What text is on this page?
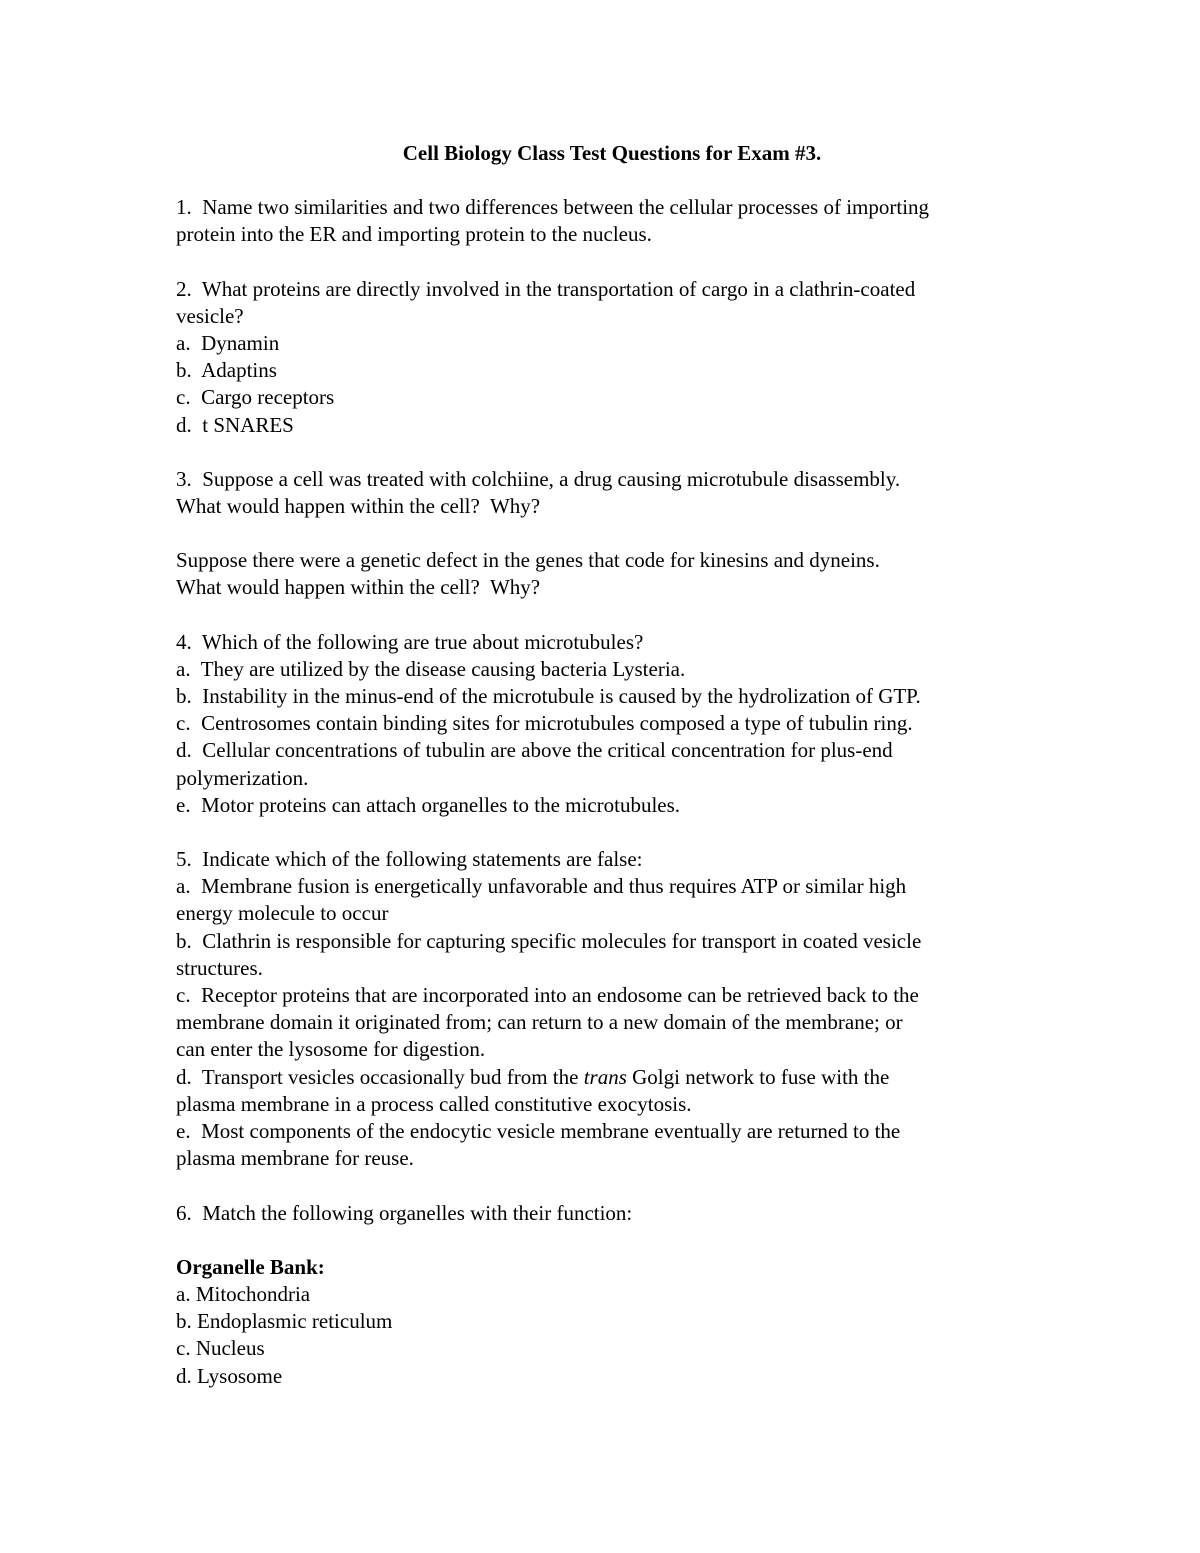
Cell Biology Class Test Questions for Exam #3.
1.  Name two similarities and two differences between the cellular processes of importing
protein into the ER and importing protein to the nucleus.
2.  What proteins are directly involved in the transportation of cargo in a clathrin-coated
vesicle?
a.  Dynamin
b.  Adaptins
c.  Cargo receptors
d.  t SNARES
3.  Suppose a cell was treated with colchiine, a drug causing microtubule disassembly.
What would happen within the cell?  Why?
Suppose there were a genetic defect in the genes that code for kinesins and dyneins.
What would happen within the cell?  Why?
4.  Which of the following are true about microtubules?
a.  They are utilized by the disease causing bacteria Lysteria.
b.  Instability in the minus-end of the microtubule is caused by the hydrolization of GTP.
c.  Centrosomes contain binding sites for microtubules composed a type of tubulin ring.
d.  Cellular concentrations of tubulin are above the critical concentration for plus-end
polymerization.
e.  Motor proteins can attach organelles to the microtubules.
5.  Indicate which of the following statements are false:
a.  Membrane fusion is energetically unfavorable and thus requires ATP or similar high
energy molecule to occur
b.  Clathrin is responsible for capturing specific molecules for transport in coated vesicle
structures.
c.  Receptor proteins that are incorporated into an endosome can be retrieved back to the
membrane domain it originated from; can return to a new domain of the membrane; or
can enter the lysosome for digestion.
d.  Transport vesicles occasionally bud from the trans Golgi network to fuse with the
plasma membrane in a process called constitutive exocytosis.
e.  Most components of the endocytic vesicle membrane eventually are returned to the
plasma membrane for reuse.
6.  Match the following organelles with their function:
Organelle Bank:
a. Mitochondria
b. Endoplasmic reticulum
c. Nucleus
d. Lysosome
